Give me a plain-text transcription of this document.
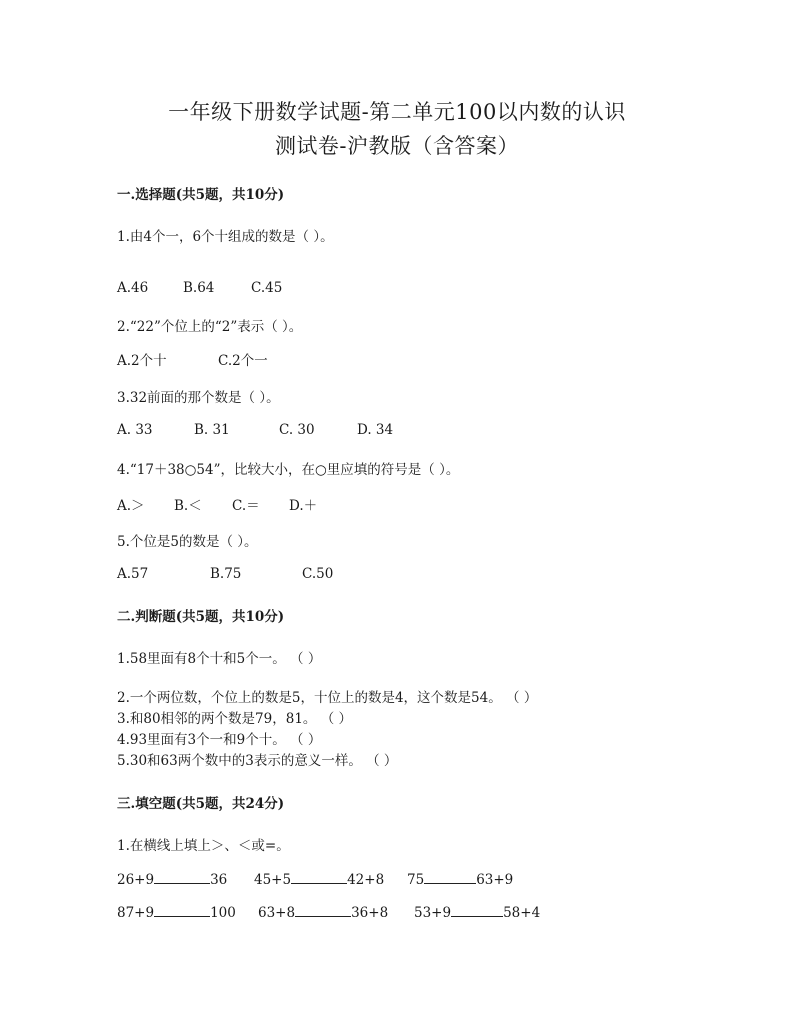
一年级下册数学试题-第二单元100以内数的认识
测试卷-沪教版（含答案）
一.选择题(共5题，共10分)
1.由4个一，6个十组成的数是（ ）。
A.46	B.64	C.45
2.“22”个位上的“2”表示（ ）。
A.2个十	C.2个一
3.32前面的那个数是（ ）。
A. 33	B. 31	C. 30	D. 34
4.“17＋38○54”，比较大小，在○里应填的符号是（ ）。
A.＞ B.＜ C.＝ D.＋
5.个位是5的数是（ ）。
A.57	B.75	C.50
二.判断题(共5题，共10分)
1.58里面有8个十和5个一。 （ ）
2.一个两位数，个位上的数是5，十位上的数是4，这个数是54。 （ ）
3.和80相邻的两个数是79，81。 （ ）
4.93里面有3个一和9个十。 （ ）
5.30和63两个数中的3表示的意义一样。 （ ）
三.填空题(共5题，共24分)
1.在横线上填上＞、＜或=。
26+9	36 45+5	42+8 75	63+9
87+9	100 63+8	36+8 53+9	58+4
